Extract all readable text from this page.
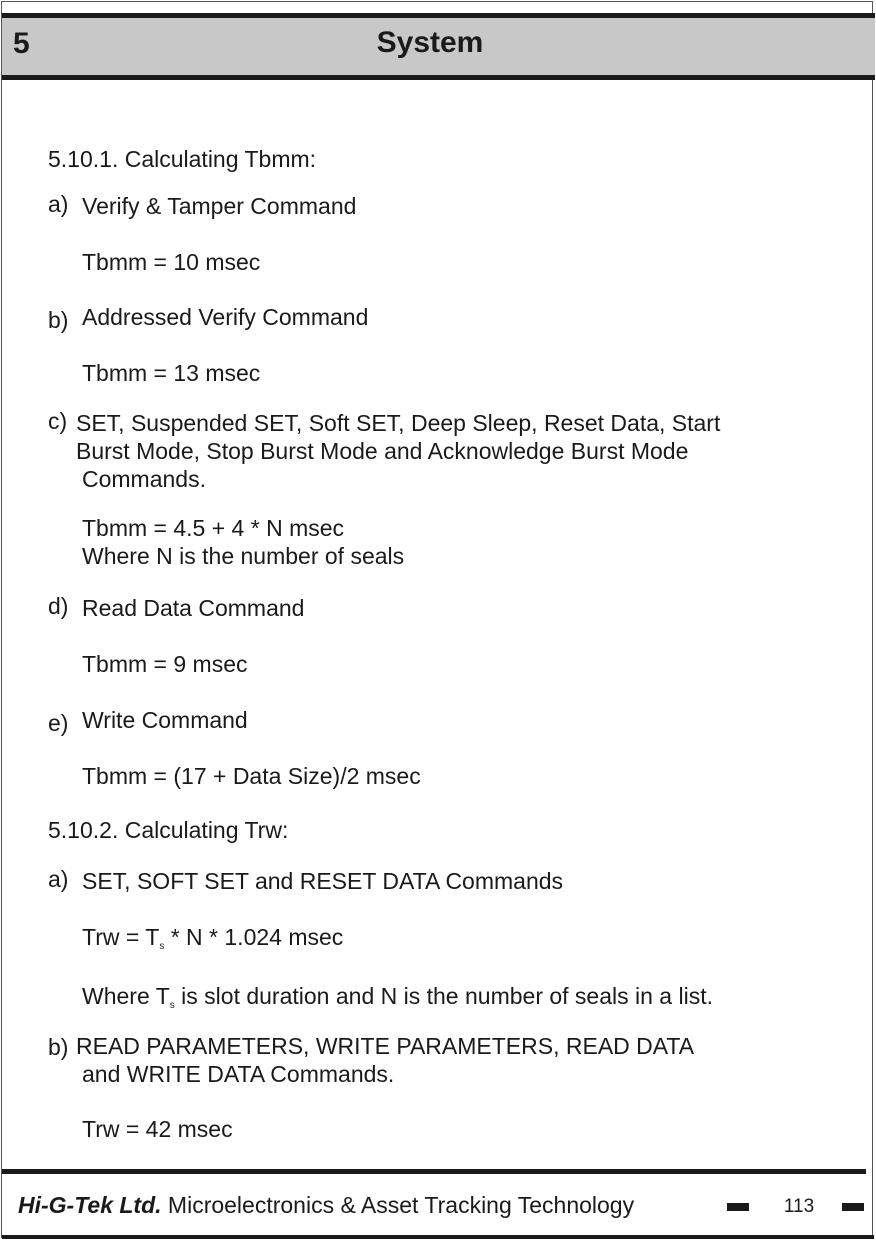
5	System
5.10.1. Calculating Tbmm:
a) Verify & Tamper Command
Tbmm = 10 msec
b) Addressed Verify Command
Tbmm = 13 msec
c) SET, Suspended SET, Soft SET, Deep Sleep, Reset Data, Start
Burst Mode, Stop Burst Mode and Acknowledge Burst Mode
Commands.
Tbmm = 4.5 + 4 * N msec
Where N is the number of seals
d) Read Data Command
Tbmm = 9 msec
e) Write Command
Tbmm = (17 + Data Size)/2 msec
5.10.2. Calculating Trw:
a) SET, SOFT SET and RESET DATA Commands
Trw = $T_s$ * N * 1.024 msec
Where $T_s$ is slot duration and N is the number of seals in a list.
b) READ PARAMETERS, WRITE PARAMETERS, READ DATA
and WRITE DATA Commands.
Trw = 42 msec
Hi-G-Tek Ltd. Microelectronics & Asset Tracking Technology	113
